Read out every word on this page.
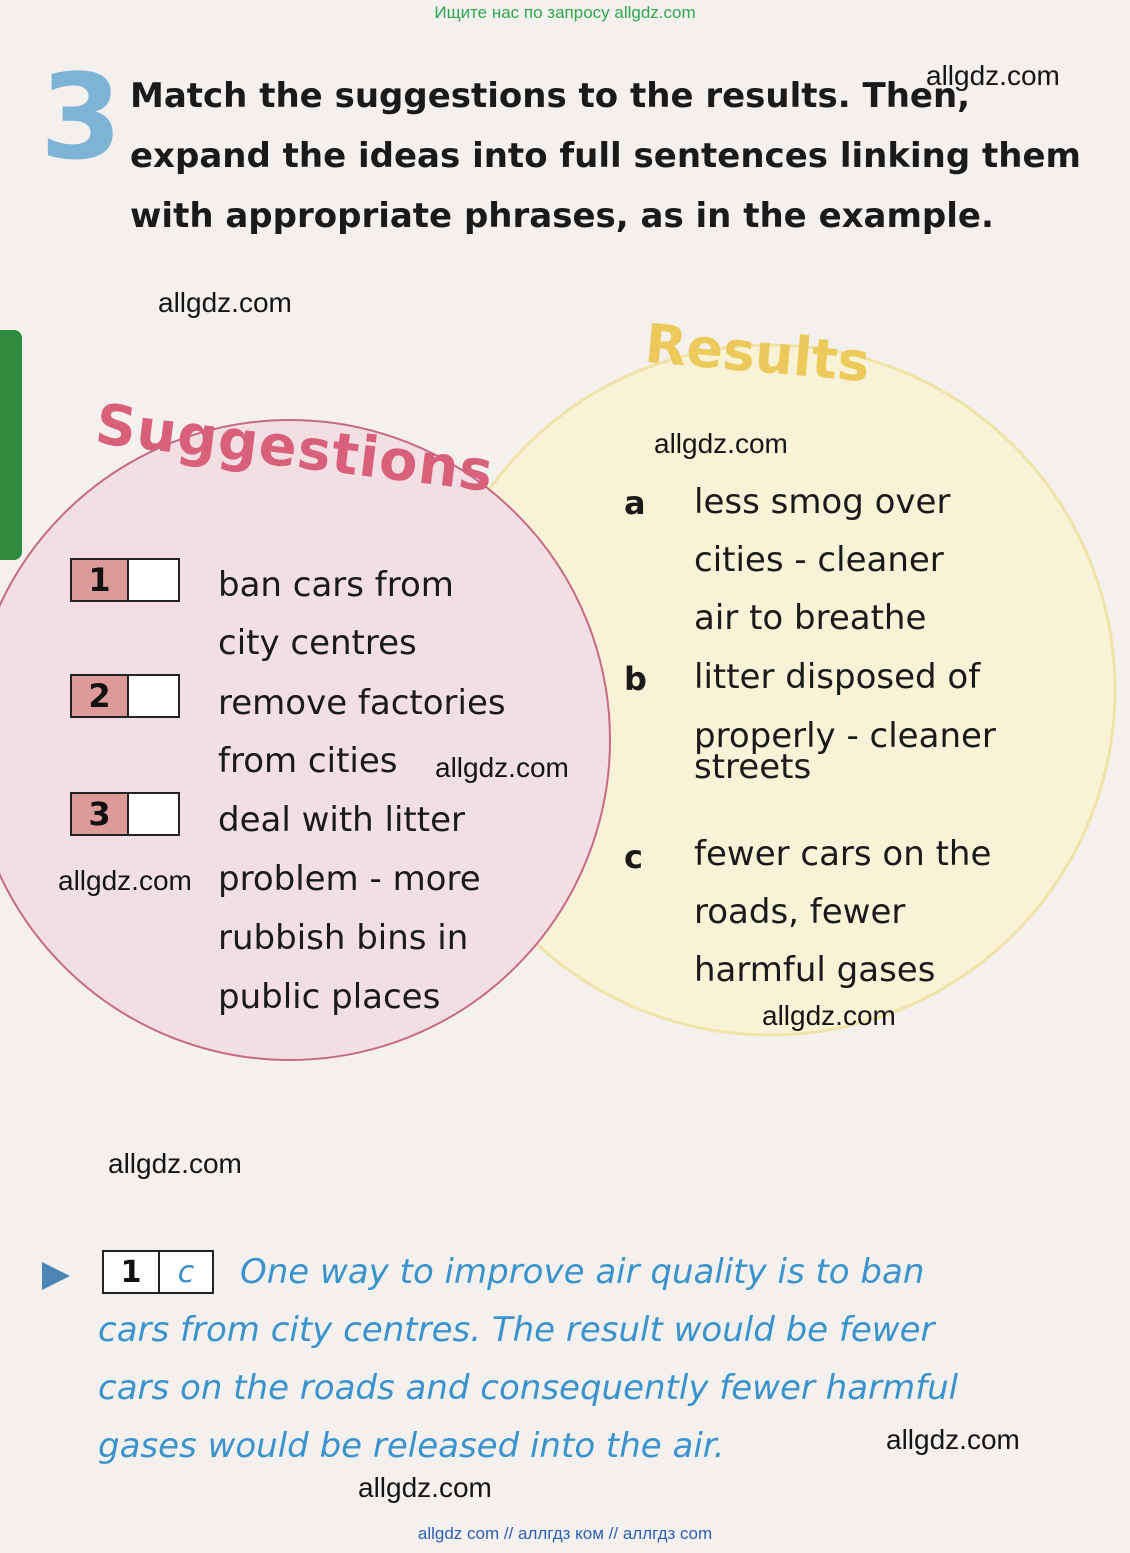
Ищите нас по запросу allgdz.com
3 Match the suggestions to the results. Then,
expand the ideas into full sentences linking them
with appropriate phrases, as in the example.
Suggestions
Results
1	ban cars from
city centres
2	remove factories
from cities
3	deal with litter
problem - more
rubbish bins in
public places
a less smog over
cities - cleaner
air to breathe
b litter disposed of
properly - cleaner
streets
c fewer cars on the
roads, fewer
harmful gases
1	c	One way to improve air quality is to ban
cars from city centres. The result would be fewer
cars on the roads and consequently fewer harmful
gases would be released into the air.
allgdz.com
allgdz.com
allgdz.com
allgdz.com
allgdz.com
allgdz.com
allgdz.com
allgdz.com
allgdz.com
allgdz com // аллгдз ком // аллгдз com
